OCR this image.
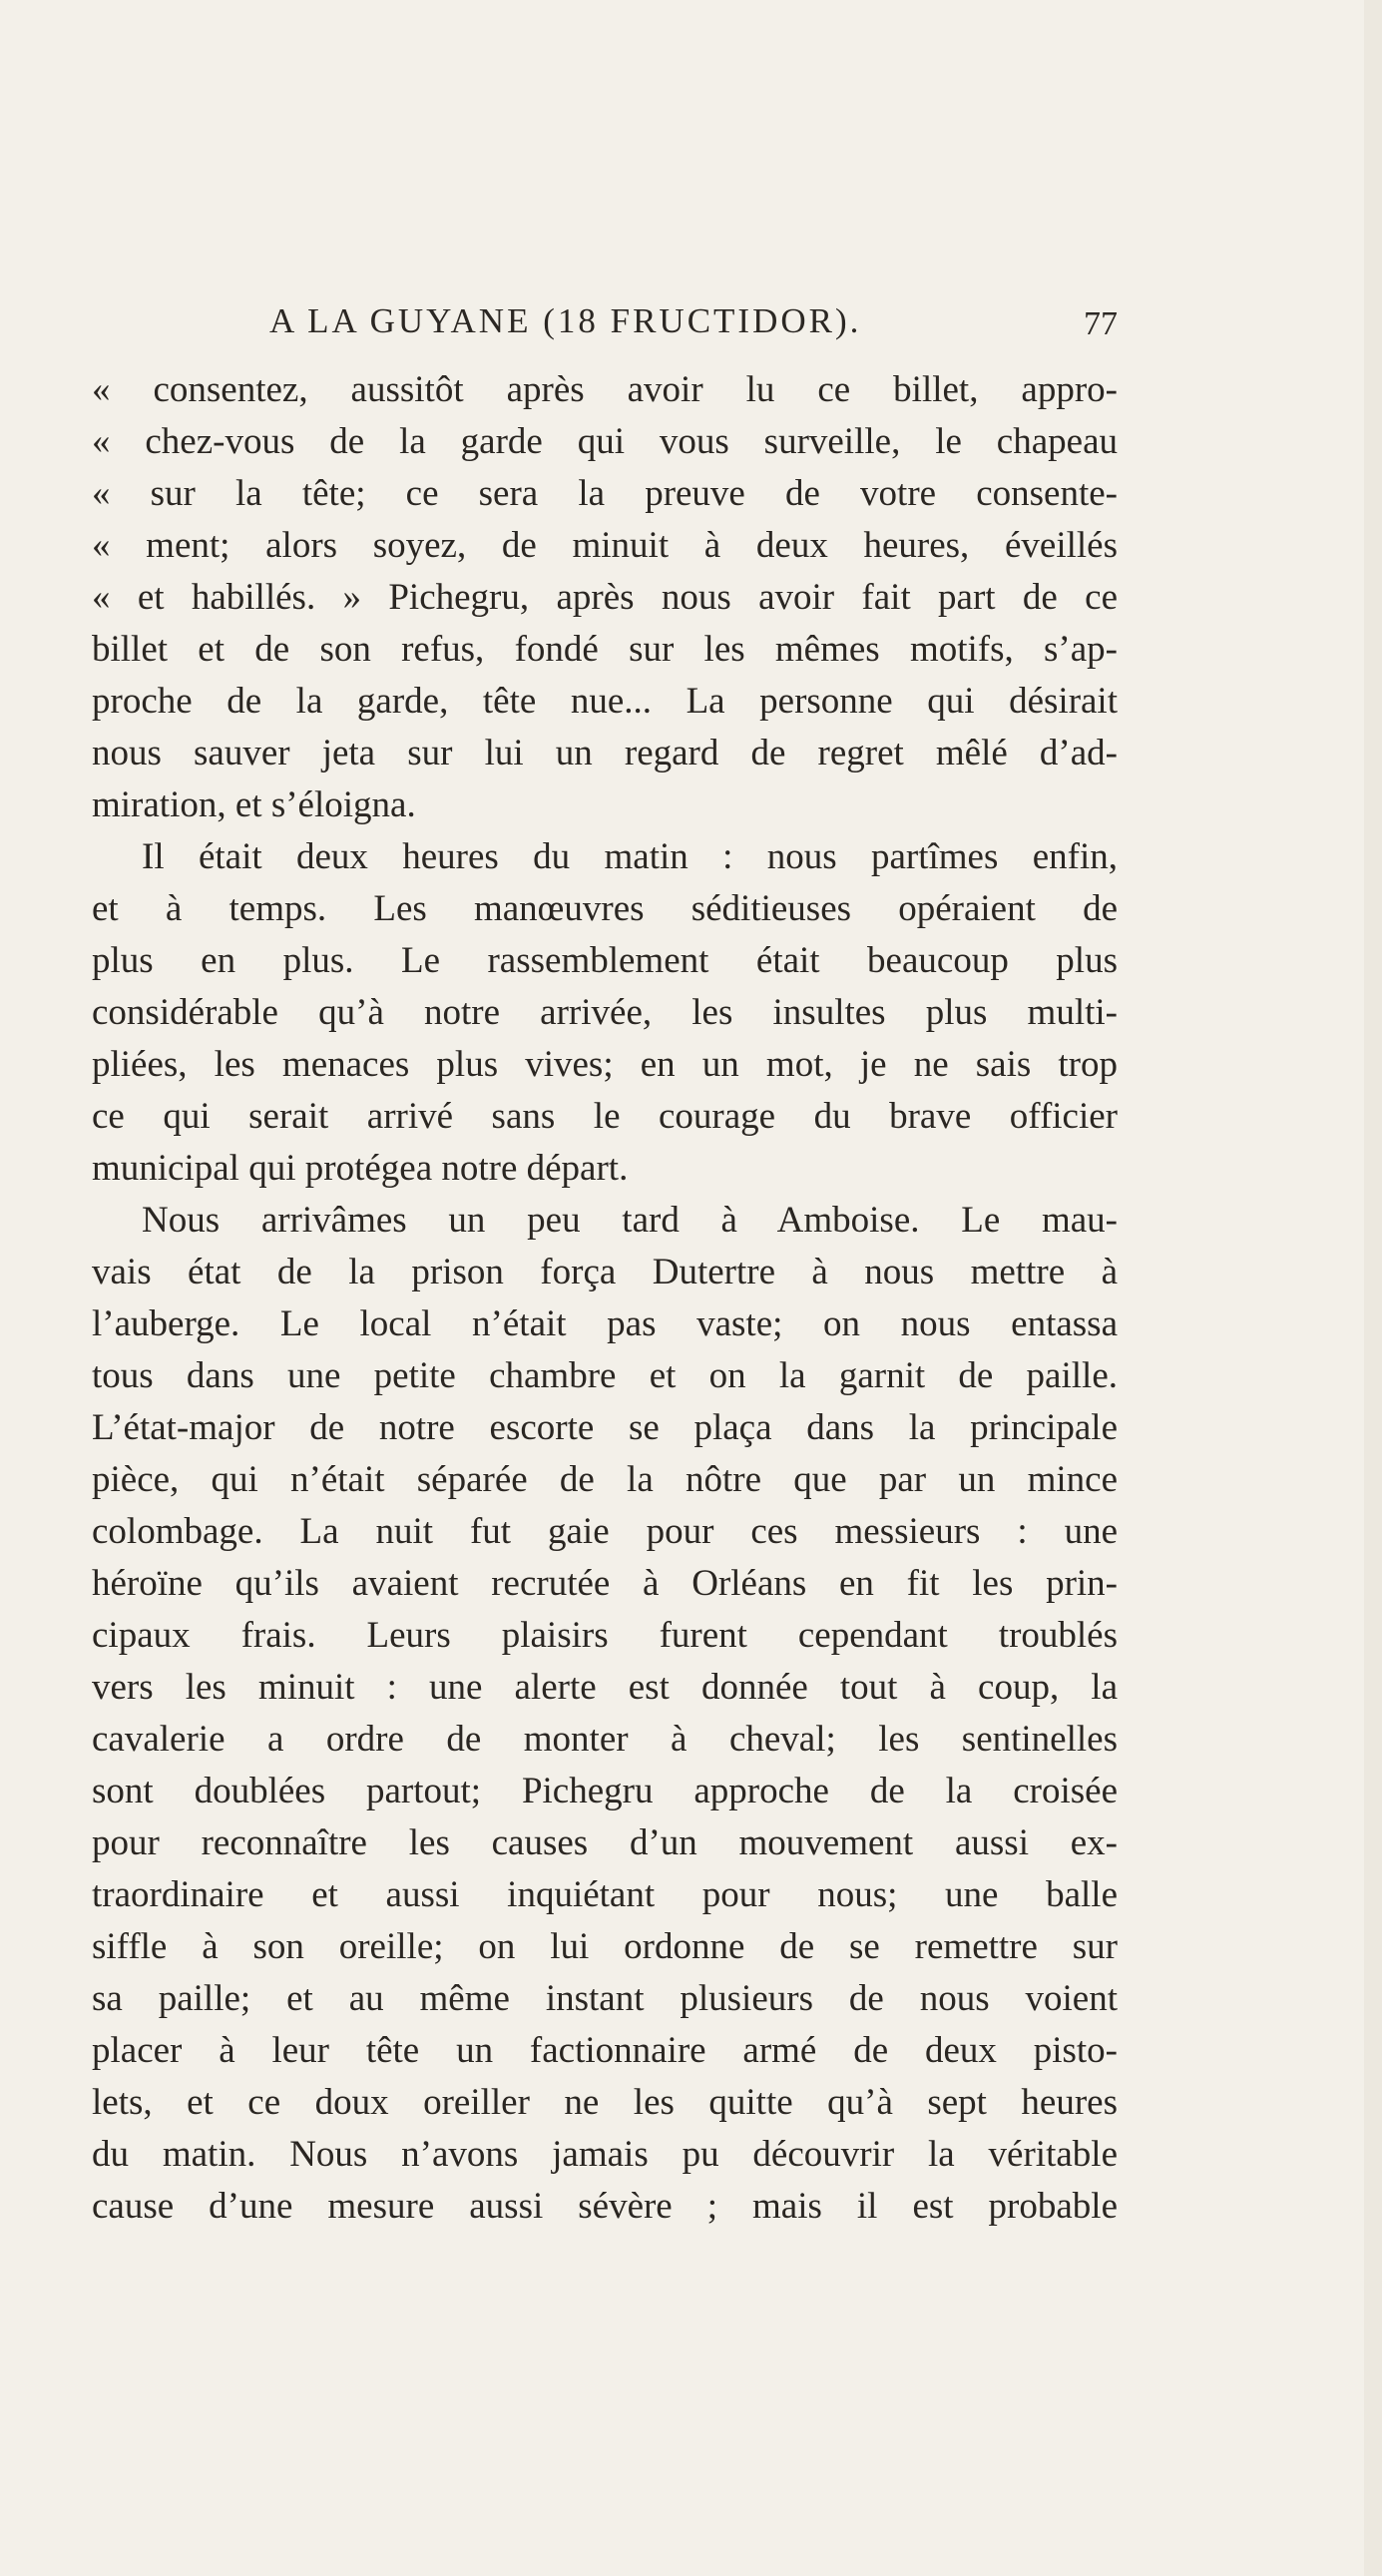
A LA GUYANE (18 FRUCTIDOR).	77
« consentez, aussitôt après avoir lu ce billet, appro-
« chez-vous de la garde qui vous surveille, le chapeau
« sur la tête; ce sera la preuve de votre consente-
« ment; alors soyez, de minuit à deux heures, éveillés
« et habillés. » Pichegru, après nous avoir fait part de ce
billet et de son refus, fondé sur les mêmes motifs, s’ap-
proche de la garde, tête nue... La personne qui désirait
nous sauver jeta sur lui un regard de regret mêlé d’ad-
miration, et s’éloigna.
Il était deux heures du matin : nous partîmes enfin,
et à temps. Les manœuvres séditieuses opéraient de
plus en plus. Le rassemblement était beaucoup plus
considérable qu’à notre arrivée, les insultes plus multi-
pliées, les menaces plus vives; en un mot, je ne sais trop
ce qui serait arrivé sans le courage du brave officier
municipal qui protégea notre départ.
Nous arrivâmes un peu tard à Amboise. Le mau-
vais état de la prison força Dutertre à nous mettre à
l’auberge. Le local n’était pas vaste; on nous entassa
tous dans une petite chambre et on la garnit de paille.
L’état-major de notre escorte se plaça dans la principale
pièce, qui n’était séparée de la nôtre que par un mince
colombage. La nuit fut gaie pour ces messieurs : une
héroïne qu’ils avaient recrutée à Orléans en fit les prin-
cipaux frais. Leurs plaisirs furent cependant troublés
vers les minuit : une alerte est donnée tout à coup, la
cavalerie a ordre de monter à cheval; les sentinelles
sont doublées partout; Pichegru approche de la croisée
pour reconnaître les causes d’un mouvement aussi ex-
traordinaire et aussi inquiétant pour nous; une balle
siffle à son oreille; on lui ordonne de se remettre sur
sa paille; et au même instant plusieurs de nous voient
placer à leur tête un factionnaire armé de deux pisto-
lets, et ce doux oreiller ne les quitte qu’à sept heures
du matin. Nous n’avons jamais pu découvrir la véritable
cause d’une mesure aussi sévère ; mais il est probable
